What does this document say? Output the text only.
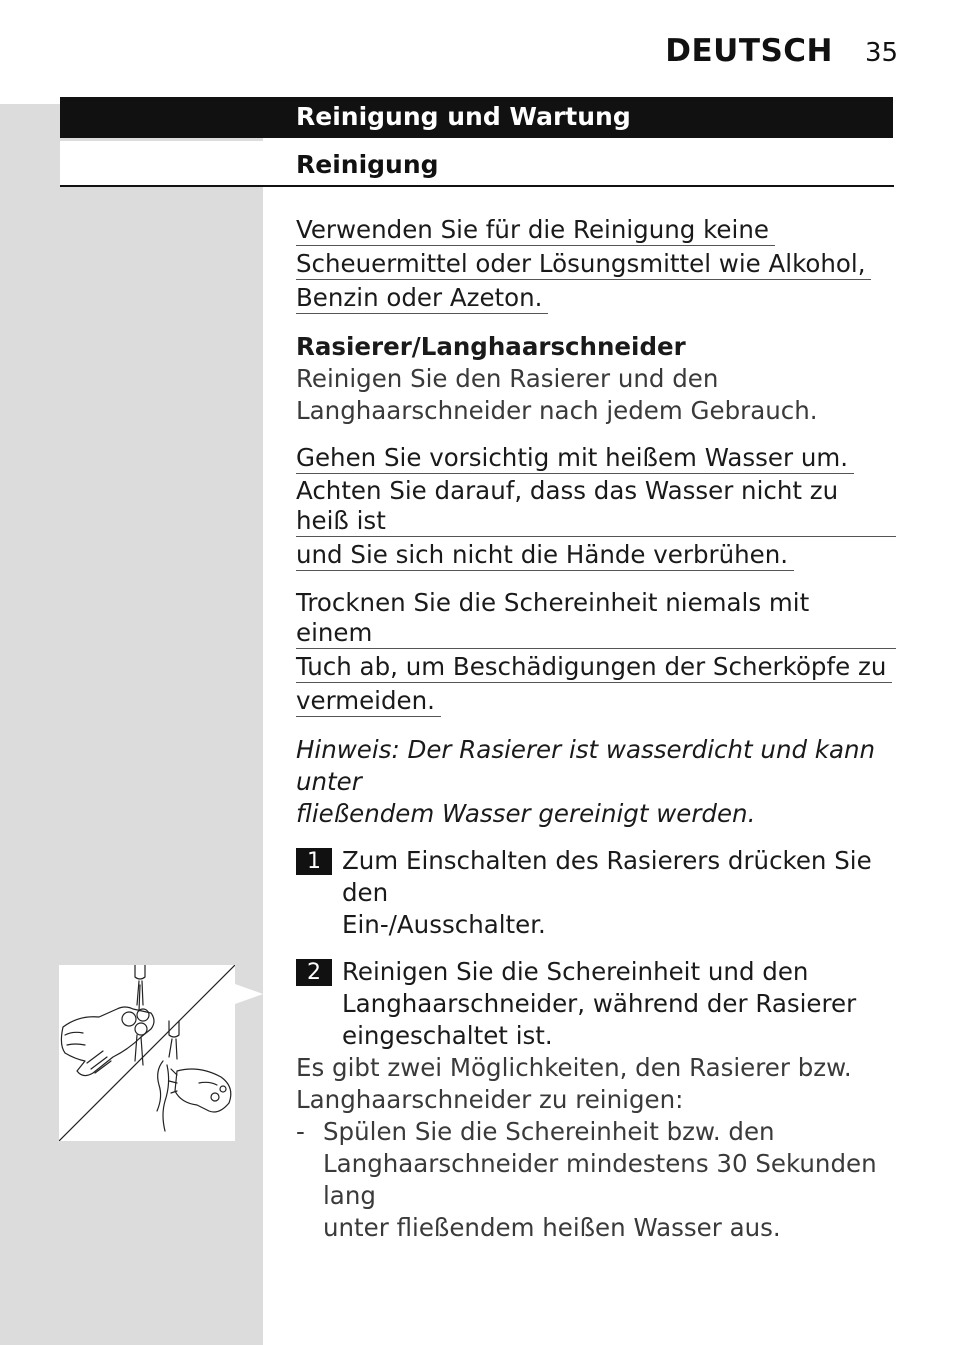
DEUTSCH 35
Reinigung und Wartung
Reinigung
Verwenden Sie für die Reinigung keine
Scheuermittel oder Lösungsmittel wie Alkohol,
Benzin oder Azeton.
Rasierer/Langhaarschneider
Reinigen Sie den Rasierer und den
Langhaarschneider nach jedem Gebrauch.
Gehen Sie vorsichtig mit heißem Wasser um.
Achten Sie darauf, dass das Wasser nicht zu heiß ist
und Sie sich nicht die Hände verbrühen.
Trocknen Sie die Schereinheit niemals mit einem
Tuch ab, um Beschädigungen der Scherköpfe zu
vermeiden.
Hinweis: Der Rasierer ist wasserdicht und kann unter
fließendem Wasser gereinigt werden.
1 Zum Einschalten des Rasierers drücken Sie den
Ein-/Ausschalter.
2 Reinigen Sie die Schereinheit und den
Langhaarschneider, während der Rasierer
eingeschaltet ist.
Es gibt zwei Möglichkeiten, den Rasierer bzw.
Langhaarschneider zu reinigen:
- Spülen Sie die Schereinheit bzw. den
Langhaarschneider mindestens 30 Sekunden lang
unter fließendem heißen Wasser aus.
